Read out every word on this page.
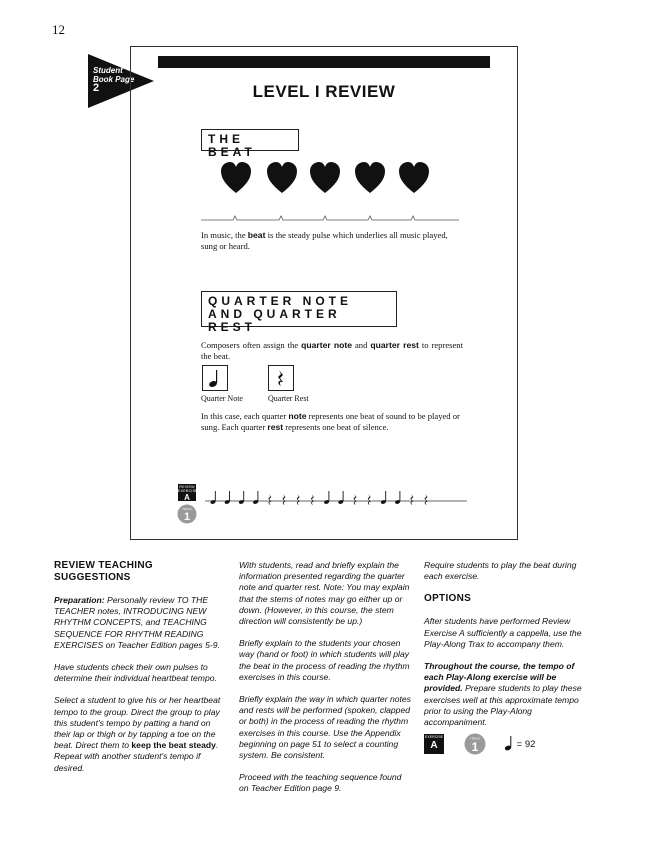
12
Student
Book Page
2	LEVEL I REVIEW
THE BEAT
In music, the beat is the steady pulse which underlies all music played, sung or heard.
QUARTER NOTE AND QUARTER REST
Composers often assign the quarter note and quarter rest to represent the beat.
Quarter Note	Quarter Rest
In this case, each quarter note represents one beat of sound to be played or sung. Each quarter rest represents one beat of silence.
REVIEW EXERCISE
A
TRACK
1
REVIEW TEACHING SUGGESTIONS

Preparation: Personally review TO THE TEACHER notes, INTRODUCING NEW RHYTHM CONCEPTS, and TEACHING SEQUENCE FOR RHYTHM READING EXERCISES on Teacher Edition pages 5-9.

Have students check their own pulses to determine their individual heartbeat tempo.

Select a student to give his or her heartbeat tempo to the group. Direct the group to play this student's tempo by patting a hand on their lap or thigh or by tapping a toe on the beat. Direct them to keep the beat steady. Repeat with another student's tempo if desired.

With students, read and briefly explain the information presented regarding the quarter note and quarter rest. Note: You may explain that the stems of notes may go either up or down. (However, in this course, the stem direction will consistently be up.)

Briefly explain to the students your chosen way (hand or foot) in which students will play the beat in the process of reading the rhythm exercises in this course.

Briefly explain the way in which quarter notes and rests will be performed (spoken, clapped or both) in the process of reading the rhythm exercises in this course. Use the Appendix beginning on page 51 to select a counting system. Be consistent.

Proceed with the teaching sequence found on Teacher Edition page 9.

Require students to play the beat during each exercise.

OPTIONS

After students have performed Review Exercise A sufficiently a cappella, use the Play-Along Trax to accompany them.

Throughout the course, the tempo of each Play-Along exercise will be provided. Prepare students to play these exercises well at this approximate tempo prior to using the Play-Along accompaniment.

EXERCISE
A
TRACK
1	= 92
